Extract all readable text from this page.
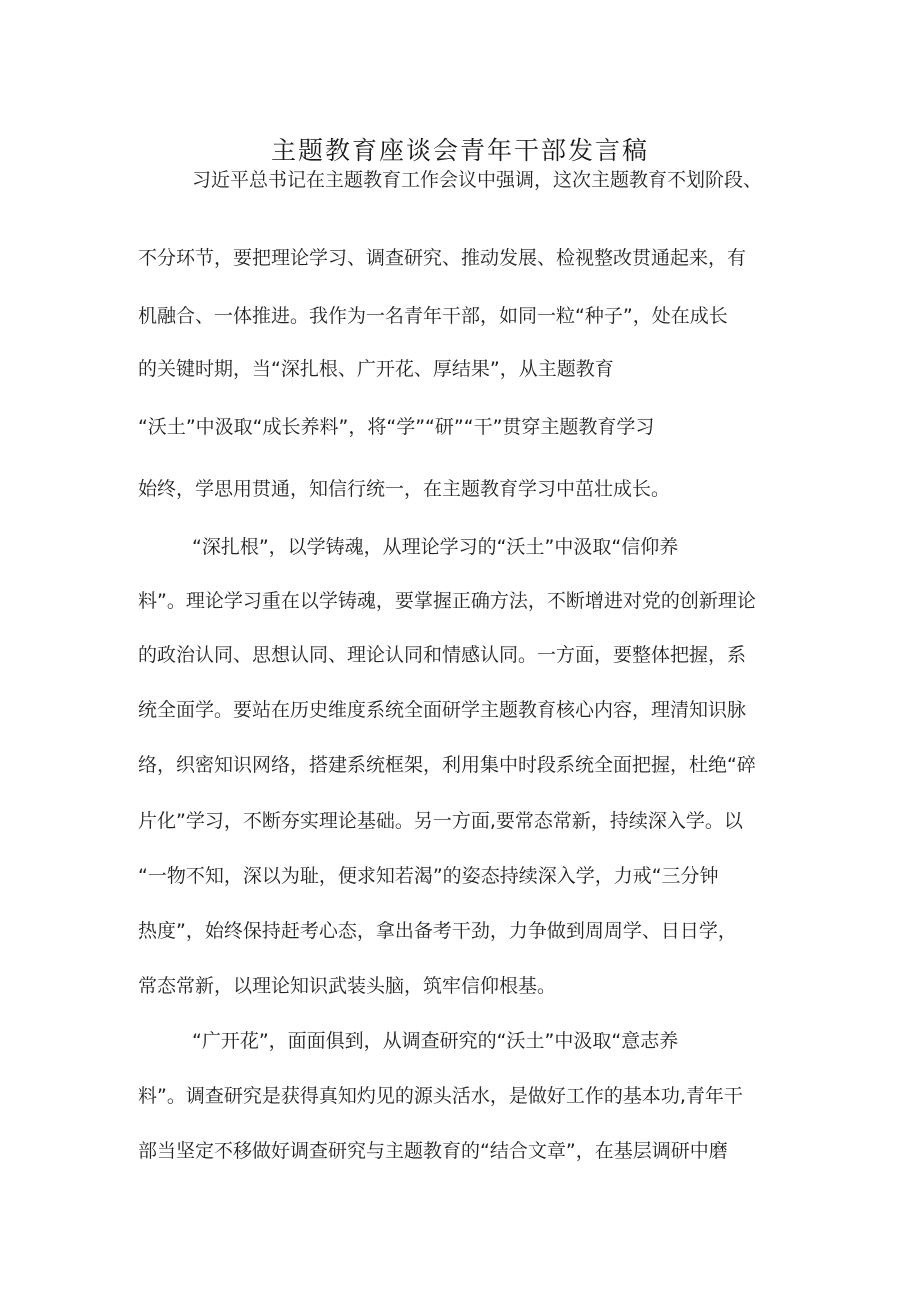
主题教育座谈会青年干部发言稿
习近平总书记在主题教育工作会议中强调，这次主题教育不划阶段、
不分环节，要把理论学习、调查研究、推动发展、检视整改贯通起来，有
机融合、一体推进。我作为一名青年干部，如同一粒“种子”，处在成长
的关键时期，当“深扎根、广开花、厚结果”，从主题教育
“沃土”中汲取“成长养料”，将“学”“研”“干”贯穿主题教育学习
始终，学思用贯通，知信行统一，在主题教育学习中茁壮成长。
“深扎根”，以学铸魂，从理论学习的“沃土”中汲取“信仰养
料”。理论学习重在以学铸魂，要掌握正确方法，不断增进对党的创新理论
的政治认同、思想认同、理论认同和情感认同。一方面，要整体把握，系
统全面学。要站在历史维度系统全面研学主题教育核心内容，理清知识脉
络，织密知识网络，搭建系统框架，利用集中时段系统全面把握，杜绝“碎
片化”学习，不断夯实理论基础。另一方面,要常态常新，持续深入学。以
“一物不知，深以为耻，便求知若渴”的姿态持续深入学，力戒“三分钟
热度”，始终保持赶考心态，拿出备考干劲，力争做到周周学、日日学，
常态常新，以理论知识武装头脑，筑牢信仰根基。
“广开花”，面面俱到，从调查研究的“沃土”中汲取“意志养
料”。调查研究是获得真知灼见的源头活水，是做好工作的基本功,青年干
部当坚定不移做好调查研究与主题教育的“结合文章”，在基层调研中磨
